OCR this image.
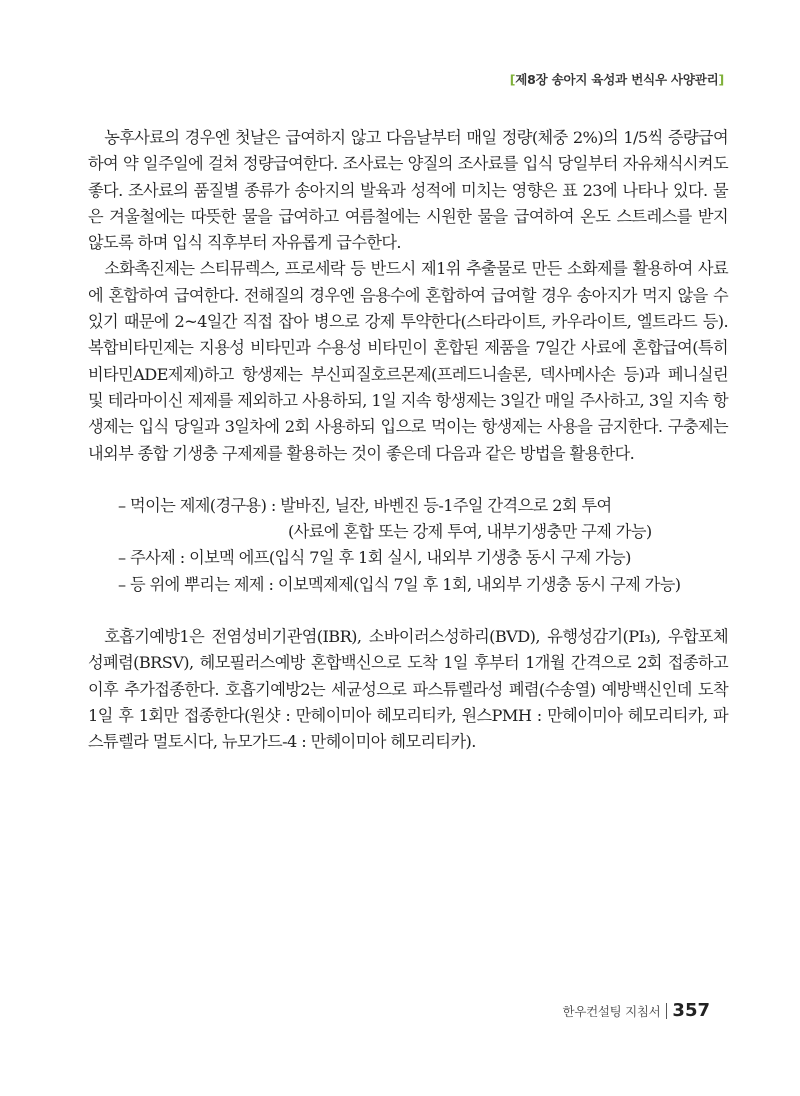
[제8장 송아지 육성과 번식우 사양관리]

농후사료의 경우엔 첫날은 급여하지 않고 다음날부터 매일 정량(체중 2%)의 1/5씩 증량급여하여 약 일주일에 걸쳐 정량급여한다. 조사료는 양질의 조사료를 입식 당일부터 자유채식시켜도 좋다. 조사료의 품질별 종류가 송아지의 발육과 성적에 미치는 영향은 표 23에 나타나 있다. 물은 겨울철에는 따뜻한 물을 급여하고 여름철에는 시원한 물을 급여하여 온도 스트레스를 받지 않도록 하며 입식 직후부터 자유롭게 급수한다.

소화촉진제는 스티뮤렉스, 프로세락 등 반드시 제1위 추출물로 만든 소화제를 활용하여 사료에 혼합하여 급여한다. 전해질의 경우엔 음용수에 혼합하여 급여할 경우 송아지가 먹지 않을 수 있기 때문에 2~4일간 직접 잡아 병으로 강제 투약한다(스타라이트, 카우라이트, 엘트라드 등). 복합비타민제는 지용성 비타민과 수용성 비타민이 혼합된 제품을 7일간 사료에 혼합급여(특히 비타민ADE제제)하고 항생제는 부신피질호르몬제(프레드니솔론, 덱사메사손 등)과 페니실린 및 테라마이신 제제를 제외하고 사용하되, 1일 지속 항생제는 3일간 매일 주사하고, 3일 지속 항생제는 입식 당일과 3일차에 2회 사용하되 입으로 먹이는 항생제는 사용을 금지한다. 구충제는 내외부 종합 기생충 구제제를 활용하는 것이 좋은데 다음과 같은 방법을 활용한다.

– 먹이는 제제(경구용) : 발바진, 닐잔, 바벤진 등-1주일 간격으로 2회 투여
(사료에 혼합 또는 강제 투여, 내부기생충만 구제 가능)
– 주사제 : 이보멕 에프(입식 7일 후 1회 실시, 내외부 기생충 동시 구제 가능)
– 등 위에 뿌리는 제제 : 이보멕제제(입식 7일 후 1회, 내외부 기생충 동시 구제 가능)

호흡기예방1은 전염성비기관염(IBR), 소바이러스성하리(BVD), 유행성감기(PI₃), 우합포체성폐렴(BRSV), 헤모필러스예방 혼합백신으로 도착 1일 후부터 1개월 간격으로 2회 접종하고 이후 추가접종한다. 호흡기예방2는 세균성으로 파스튜렐라성 폐렴(수송열) 예방백신인데 도착 1일 후 1회만 접종한다(원샷 : 만헤이미아 헤모리티카, 원스PMH : 만헤이미아 헤모리티카, 파스튜렐라 멀토시다, 뉴모가드-4 : 만헤이미아 헤모리티카).

한우컨설팅 지침서 357
